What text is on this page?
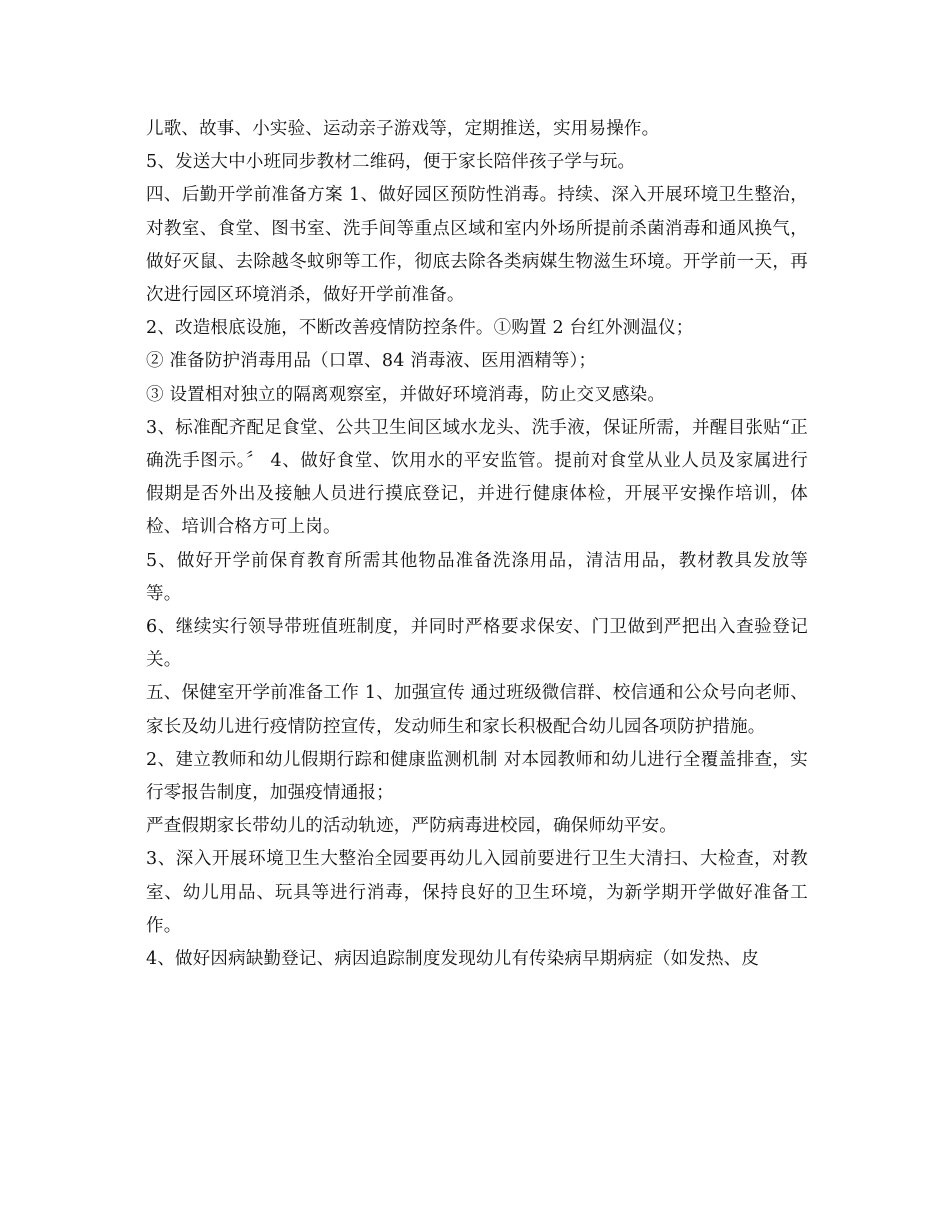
儿歌、故事、小实验、运动亲子游戏等，定期推送，实用易操作。

5、发送大中小班同步教材二维码，便于家长陪伴孩子学与玩。

四、后勤开学前准备方案 1、做好园区预防性消毒。持续、深入开展环境卫生整治，对教室、食堂、图书室、洗手间等重点区域和室内外场所提前杀菌消毒和通风换气，做好灭鼠、去除越冬蚊卵等工作，彻底去除各类病媒生物滋生环境。开学前一天，再次进行园区环境消杀，做好开学前准备。

2、改造根底设施，不断改善疫情防控条件。①购置 2 台红外测温仪；

② 准备防护消毒用品（口罩、84 消毒液、医用酒精等）；

③ 设置相对独立的隔离观察室，并做好环境消毒，防止交叉感染。

3、标准配齐配足食堂、公共卫生间区域水龙头、洗手液，保证所需，并醒目张贴“正确洗手图示。〞 4、做好食堂、饮用水的平安监管。提前对食堂从业人员及家属进行假期是否外出及接触人员进行摸底登记，并进行健康体检，开展平安操作培训，体检、培训合格方可上岗。

5、做好开学前保育教育所需其他物品准备洗涤用品，清洁用品，教材教具发放等等。

6、继续实行领导带班值班制度，并同时严格要求保安、门卫做到严把出入查验登记关。

五、保健室开学前准备工作 1、加强宣传 通过班级微信群、校信通和公众号向老师、家长及幼儿进行疫情防控宣传，发动师生和家长积极配合幼儿园各项防护措施。

2、建立教师和幼儿假期行踪和健康监测机制 对本园教师和幼儿进行全覆盖排查，实行零报告制度，加强疫情通报；

严查假期家长带幼儿的活动轨迹，严防病毒进校园，确保师幼平安。

3、深入开展环境卫生大整治全园要再幼儿入园前要进行卫生大清扫、大检查，对教室、幼儿用品、玩具等进行消毒，保持良好的卫生环境，为新学期开学做好准备工作。

4、做好因病缺勤登记、病因追踪制度发现幼儿有传染病早期病症（如发热、皮
